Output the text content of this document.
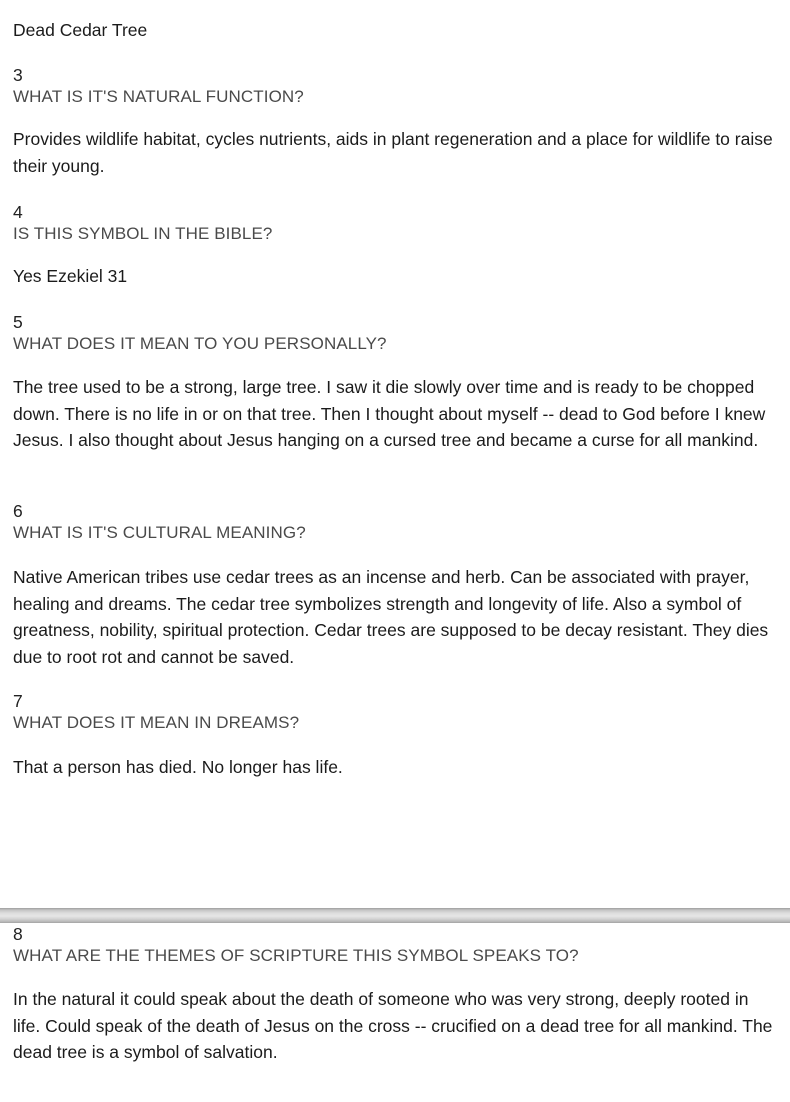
Dead Cedar Tree

3

WHAT IS IT'S NATURAL FUNCTION?

Provides wildlife habitat, cycles nutrients, aids in plant regeneration and a place for wildlife to raise their young.

4

IS THIS SYMBOL IN THE BIBLE?

Yes Ezekiel 31

5

WHAT DOES IT MEAN TO YOU PERSONALLY?

The tree used to be a strong, large tree. I saw it die slowly over time and is ready to be chopped down. There is no life in or on that tree. Then I thought about myself -- dead to God before I knew Jesus. I also thought about Jesus hanging on a cursed tree and became a curse for all mankind.

6

WHAT IS IT'S CULTURAL MEANING?

Native American tribes use cedar trees as an incense and herb. Can be associated with prayer, healing and dreams. The cedar tree symbolizes strength and longevity of life. Also a symbol of greatness, nobility, spiritual protection. Cedar trees are supposed to be decay resistant. They dies due to root rot and cannot be saved.

7

WHAT DOES IT MEAN IN DREAMS?

That a person has died. No longer has life.

8

WHAT ARE THE THEMES OF SCRIPTURE THIS SYMBOL SPEAKS TO?

In the natural it could speak about the death of someone who was very strong, deeply rooted in life. Could speak of the death of Jesus on the cross -- crucified on a dead tree for all mankind. The dead tree is a symbol of salvation.
